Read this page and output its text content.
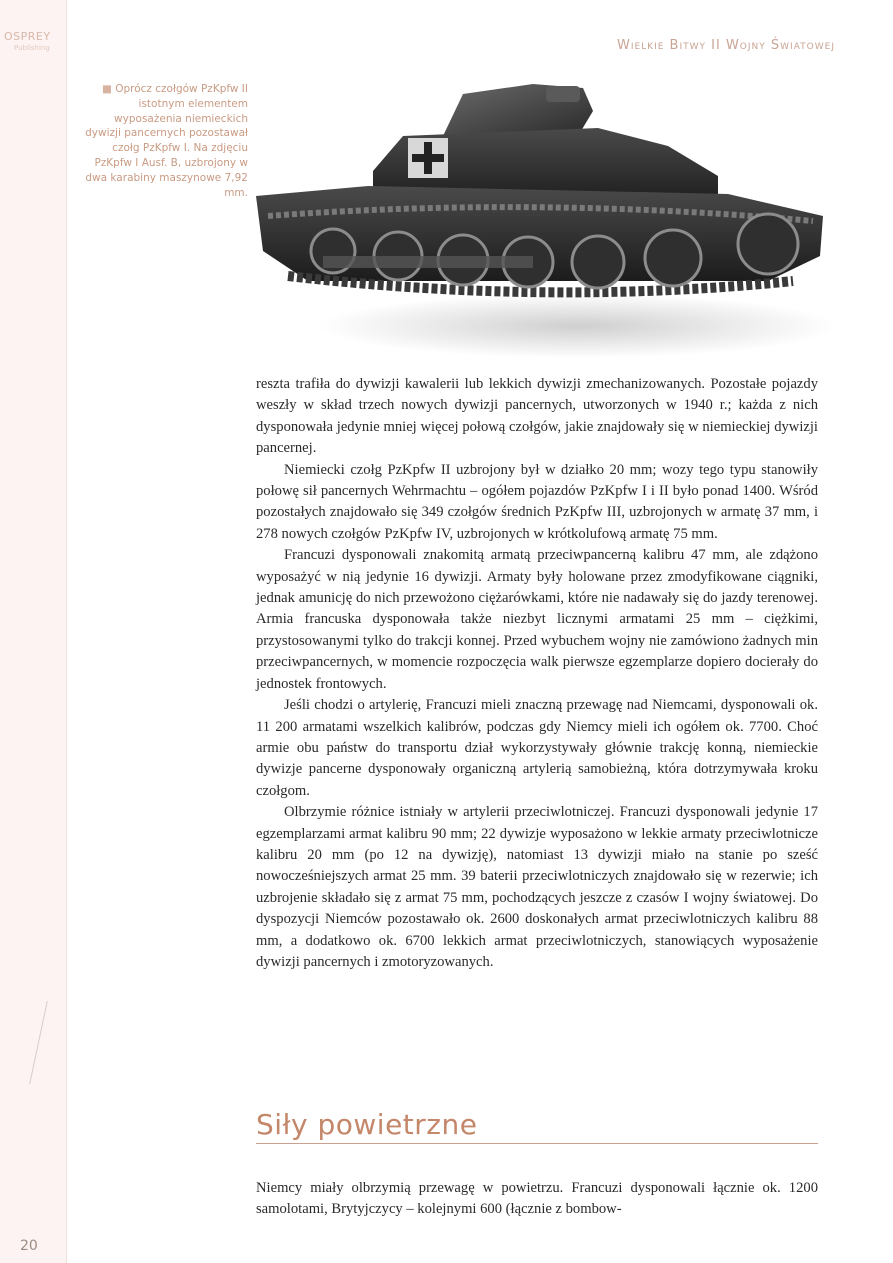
OSPREY
Publishing	Wielkie Bitwy II Wojny Światowej
■ Oprócz czołgów PzKpfw II istotnym elementem wyposażenia niemieckich dywizji pancernych pozostawał czołg PzKpfw I. Na zdjęciu PzKpfw I Ausf. B, uzbrojony w dwa karabiny maszynowe 7,92 mm.

reszta trafiła do dywizji kawalerii lub lekkich dywizji zmechanizowanych. Pozostałe pojazdy weszły w skład trzech nowych dywizji pancernych, utworzonych w 1940 r.; każda z nich dysponowała jedynie mniej więcej połową czołgów, jakie znajdowały się w niemieckiej dywizji pancernej.

Niemiecki czołg PzKpfw II uzbrojony był w działko 20 mm; wozy tego typu stanowiły połowę sił pancernych Wehrmachtu – ogółem pojazdów PzKpfw I i II było ponad 1400. Wśród pozostałych znajdowało się 349 czołgów średnich PzKpfw III, uzbrojonych w armatę 37 mm, i 278 nowych czołgów PzKpfw IV, uzbrojonych w krótkolufową armatę 75 mm.

Francuzi dysponowali znakomitą armatą przeciwpancerną kalibru 47 mm, ale zdążono wyposażyć w nią jedynie 16 dywizji. Armaty były holowane przez zmodyfikowane ciągniki, jednak amunicję do nich przewożono ciężarówkami, które nie nadawały się do jazdy terenowej. Armia francuska dysponowała także niezbyt licznymi armatami 25 mm – ciężkimi, przystosowanymi tylko do trakcji konnej. Przed wybuchem wojny nie zamówiono żadnych min przeciwpancernych, w momencie rozpoczęcia walk pierwsze egzemplarze dopiero docierały do jednostek frontowych.

Jeśli chodzi o artylerię, Francuzi mieli znaczną przewagę nad Niemcami, dysponowali ok. 11 200 armatami wszelkich kalibrów, podczas gdy Niemcy mieli ich ogółem ok. 7700. Choć armie obu państw do transportu dział wykorzystywały głównie trakcję konną, niemieckie dywizje pancerne dysponowały organiczną artylerią samobieżną, która dotrzymywała kroku czołgom.

Olbrzymie różnice istniały w artylerii przeciwlotniczej. Francuzi dysponowali jedynie 17 egzemplarzami armat kalibru 90 mm; 22 dywizje wyposażono w lekkie armaty przeciwlotnicze kalibru 20 mm (po 12 na dywizję), natomiast 13 dywizji miało na stanie po sześć nowocześniejszych armat 25 mm. 39 baterii przeciwlotniczych znajdowało się w rezerwie; ich uzbrojenie składało się z armat 75 mm, pochodzących jeszcze z czasów I wojny światowej. Do dyspozycji Niemców pozostawało ok. 2600 doskonałych armat przeciwlotniczych kalibru 88 mm, a dodatkowo ok. 6700 lekkich armat przeciwlotniczych, stanowiących wyposażenie dywizji pancernych i zmotoryzowanych.

Siły powietrzne

Niemcy miały olbrzymią przewagę w powietrzu. Francuzi dysponowali łącznie ok. 1200 samolotami, Brytyjczycy – kolejnymi 600 (łącznie z bombow-

20
